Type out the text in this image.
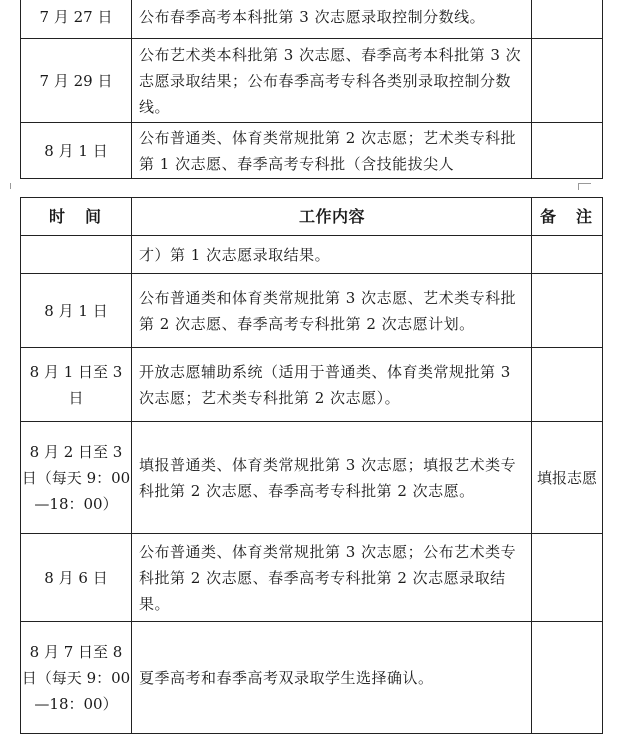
7 月 27 日	公布春季高考本科批第 3 次志愿录取控制分数线。	
7 月 29 日	公布艺术类本科批第 3 次志愿、春季高考本科批第 3 次志愿录取结果；公布春季高考专科各类别录取控制分数线。	
8 月 1 日	公布普通类、体育类常规批第 2 次志愿；艺术类专科批第 1 次志愿、春季高考专科批（含技能拔尖人	
时　间	工作内容	备　注
	才）第 1 次志愿录取结果。	
8 月 1 日	公布普通类和体育类常规批第 3 次志愿、艺术类专科批第 2 次志愿、春季高考专科批第 2 次志愿计划。	
8 月 1 日至 3 日	开放志愿辅助系统（适用于普通类、体育类常规批第 3 次志愿；艺术类专科批第 2 次志愿）。	
8 月 2 日至 3 日（每天 9：00—18：00）	填报普通类、体育类常规批第 3 次志愿；填报艺术类专科批第 2 次志愿、春季高考专科批第 2 次志愿。	填报志愿
8 月 6 日	公布普通类、体育类常规批第 3 次志愿；公布艺术类专科批第 2 次志愿、春季高考专科批第 2 次志愿录取结果。	
8 月 7 日至 8 日（每天 9：00—18：00）	夏季高考和春季高考双录取学生选择确认。	
